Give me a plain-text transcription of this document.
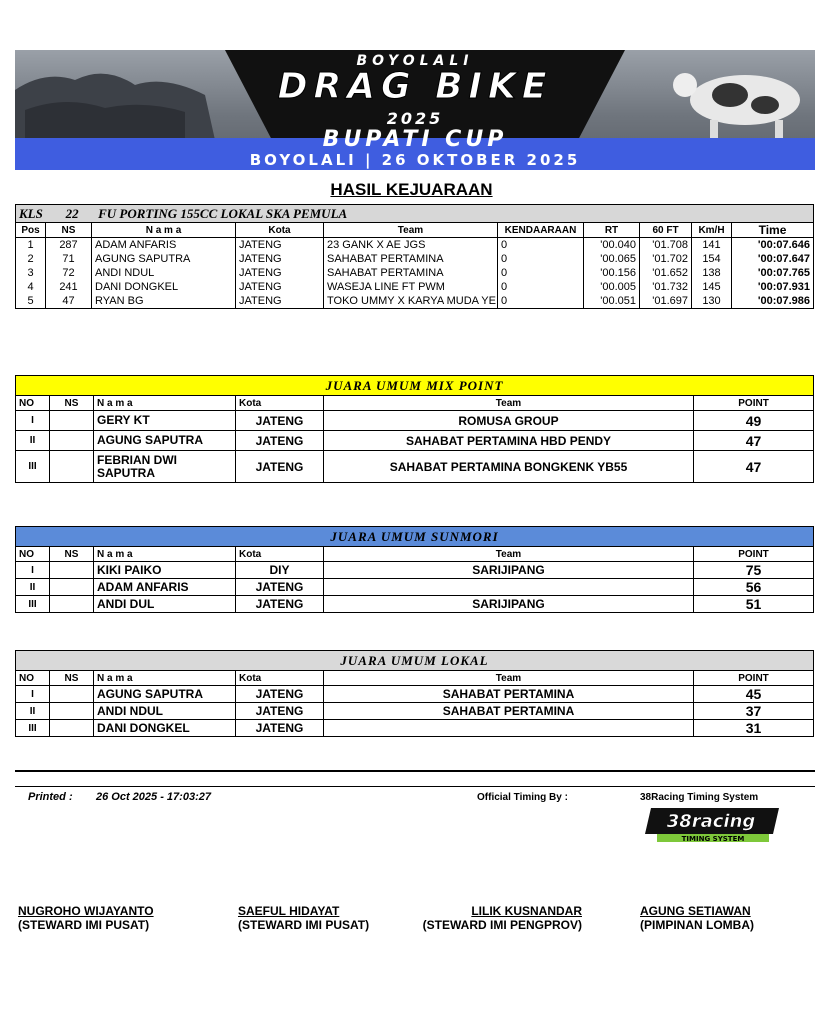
BOYOLALI
DRAG BIKE
2025
BUPATI CUP
BOYOLALI | 26 OKTOBER 2025
HASIL KEJUARAAN
KLS 22 FU PORTING 155CC LOKAL SKA PEMULA									
Pos	NS	N a m a	Kota	Team	KENDAARAAN	RT	60 FT	Km/H	Time
1	287	ADAM ANFARIS	JATENG	23 GANK X AE JGS	0	'00.040	'01.708	141	'00:07.646
2	71	AGUNG SAPUTRA	JATENG	SAHABAT PERTAMINA	0	'00.065	'01.702	154	'00:07.647
3	72	ANDI NDUL	JATENG	SAHABAT PERTAMINA	0	'00.156	'01.652	138	'00:07.765
4	241	DANI DONGKEL	JATENG	WASEJA LINE FT PWM	0	'00.005	'01.732	145	'00:07.931
5	47	RYAN BG	JATENG	TOKO UMMY X KARYA MUDA YE	0	'00.051	'01.697	130	'00:07.986
JUARA UMUM MIX POINT					
NO	NS	N a m a	Kota	Team	POINT
I		GERY KT	JATENG	ROMUSA GROUP	49
II		AGUNG SAPUTRA	JATENG	SAHABAT PERTAMINA HBD PENDY	47
III		FEBRIAN DWI SAPUTRA	JATENG	SAHABAT PERTAMINA BONGKENK YB55	47
JUARA UMUM SUNMORI					
NO	NS	N a m a	Kota	Team	POINT
I		KIKI PAIKO	DIY	SARIJIPANG	75
II		ADAM ANFARIS	JATENG		56
III		ANDI DUL	JATENG	SARIJIPANG	51
JUARA UMUM LOKAL					
NO	NS	N a m a	Kota	Team	POINT
I		AGUNG SAPUTRA	JATENG	SAHABAT PERTAMINA	45
II		ANDI NDUL	JATENG	SAHABAT PERTAMINA	37
III		DANI DONGKEL	JATENG		31
Printed : 26 Oct 2025 - 17:03:27	Official Timing By :	38Racing Timing System
38racing
TIMING SYSTEM
NUGROHO WIJAYANTO
(STEWARD IMI PUSAT)
SAEFUL HIDAYAT
(STEWARD IMI PUSAT)
LILIK KUSNANDAR
(STEWARD IMI PENGPROV)
AGUNG SETIAWAN
(PIMPINAN LOMBA)
